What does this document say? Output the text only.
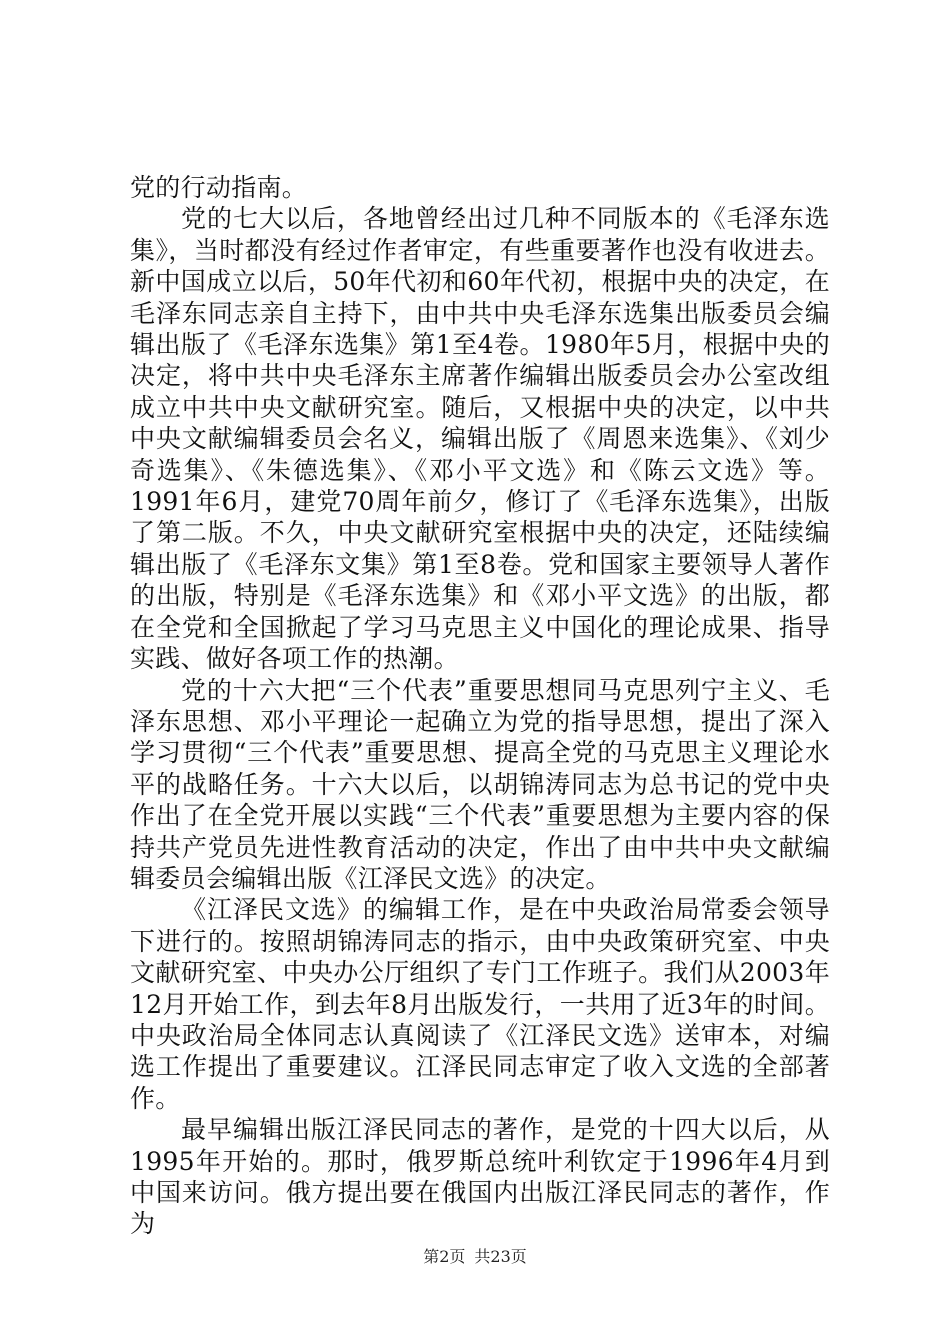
党的行动指南。

党的七大以后，各地曾经出过几种不同版本的《毛泽东选集》，当时都没有经过作者审定，有些重要著作也没有收进去。新中国成立以后，50年代初和60年代初，根据中央的决定，在毛泽东同志亲自主持下，由中共中央毛泽东选集出版委员会编辑出版了《毛泽东选集》第1至4卷。1980年5月，根据中央的决定，将中共中央毛泽东主席著作编辑出版委员会办公室改组成立中共中央文献研究室。随后，又根据中央的决定，以中共中央文献编辑委员会名义，编辑出版了《周恩来选集》、《刘少奇选集》、《朱德选集》、《邓小平文选》和《陈云文选》等。1991年6月，建党70周年前夕，修订了《毛泽东选集》，出版了第二版。不久，中央文献研究室根据中央的决定，还陆续编辑出版了《毛泽东文集》第1至8卷。党和国家主要领导人著作的出版，特别是《毛泽东选集》和《邓小平文选》的出版，都在全党和全国掀起了学习马克思主义中国化的理论成果、指导实践、做好各项工作的热潮。

党的十六大把“三个代表”重要思想同马克思列宁主义、毛泽东思想、邓小平理论一起确立为党的指导思想，提出了深入学习贯彻“三个代表”重要思想、提高全党的马克思主义理论水平的战略任务。十六大以后，以胡锦涛同志为总书记的党中央作出了在全党开展以实践“三个代表”重要思想为主要内容的保持共产党员先进性教育活动的决定，作出了由中共中央文献编辑委员会编辑出版《江泽民文选》的决定。

《江泽民文选》的编辑工作，是在中央政治局常委会领导下进行的。按照胡锦涛同志的指示，由中央政策研究室、中央文献研究室、中央办公厅组织了专门工作班子。我们从2003年12月开始工作，到去年8月出版发行，一共用了近3年的时间。中央政治局全体同志认真阅读了《江泽民文选》送审本，对编选工作提出了重要建议。江泽民同志审定了收入文选的全部著作。

最早编辑出版江泽民同志的著作，是党的十四大以后，从1995年开始的。那时，俄罗斯总统叶利钦定于1996年4月到中国来访问。俄方提出要在俄国内出版江泽民同志的著作，作为

第2页 共23页
